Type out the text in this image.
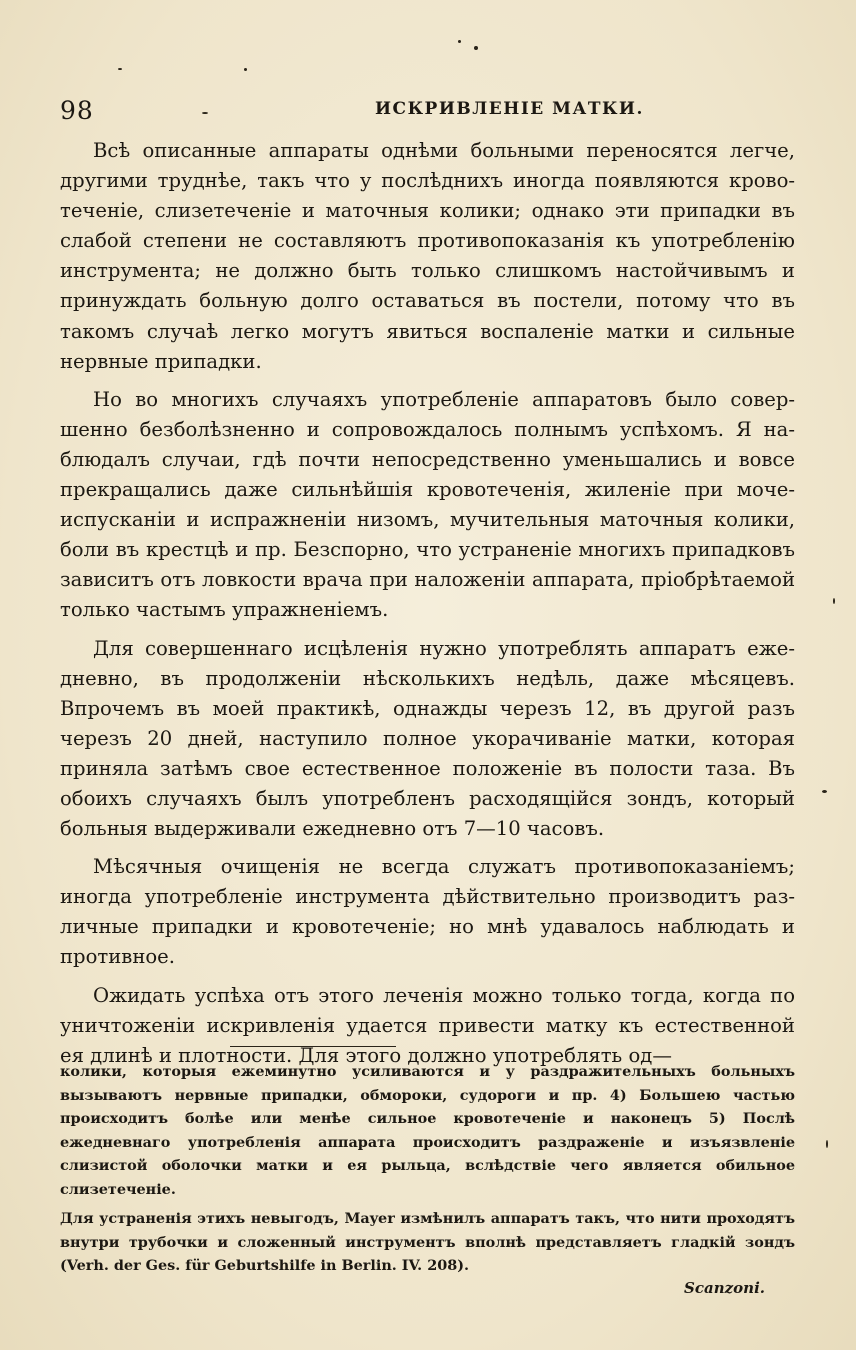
98	ИСКРИВЛЕНIЕ МАТКИ.

Всѣ описанные аппараты однѣми больными переносятся легче, другими труднѣе, такъ что у послѣднихъ иногда появляются кровотеченiе, слизетеченiе и маточныя колики; однако эти припадки въ слабой степени не составляютъ противопоказанiя къ употребленiю инструмента; не должно быть только слишкомъ настойчивымъ и принуждать больную долго оставаться въ постели, потому что въ такомъ случаѣ легко могутъ явиться воспаленiе матки и сильные нервные припадки.

Но во многихъ случаяхъ употребленiе аппаратовъ было совершенно безболѣзненно и сопровождалось полнымъ успѣхомъ. Я наблюдалъ случаи, гдѣ почти непосредственно уменьшались и вовсе прекращались даже сильнѣйшiя кровотеченiя, жиленiе при мочеиспусканiи и испражненiи низомъ, мучительныя маточныя колики, боли въ крестцѣ и пр. Безспорно, что устраненiе многихъ припадковъ зависитъ отъ ловкости врача при наложенiи аппарата, прiобрѣтаемой только частымъ упражненiемъ.

Для совершеннаго исцѣленiя нужно употреблять аппаратъ ежедневно, въ продолженiи нѣсколькихъ недѣль, даже мѣсяцевъ. Впрочемъ въ моей практикѣ, однажды черезъ 12, въ другой разъ черезъ 20 дней, наступило полное укорачиванiе матки, которая приняла затѣмъ свое естественное положенiе въ полости таза. Въ обоихъ случаяхъ былъ употребленъ расходящiйся зондъ, который больныя выдерживали ежедневно отъ 7—10 часовъ.

Мѣсячныя очищенiя не всегда служатъ противопоказанiемъ; иногда употребленiе инструмента дѣйствительно производитъ различные припадки и кровотеченiе; но мнѣ удавалось наблюдать и противное.

Ожидать успѣха отъ этого леченiя можно только тогда, когда по уничтоженiи искривленiя удается привести матку къ естественной ея длинѣ и плотности. Для этого должно употреблять од—

колики, которыя ежеминутно усиливаются и у раздражительныхъ больныхъ вызываютъ нервные припадки, обмороки, судороги и пр. 4) Большею частью происходитъ болѣе или менѣе сильное кровотеченiе и наконецъ 5) Послѣ ежедневнаго употребленiя аппарата происходитъ раздраженiе и изъязвленiе слизистой оболочки матки и ея рыльца, вслѣдствiе чего является обильное слизетеченiе.

Для устраненiя этихъ невыгодъ, Mayer измѣнилъ аппаратъ такъ, что нити проходятъ внутри трубочки и сложенный инструментъ вполнѣ представляетъ гладкiй зондъ (Verh. der Ges. für Geburtshilfe in Berlin. IV. 208).

Scanzoni.
